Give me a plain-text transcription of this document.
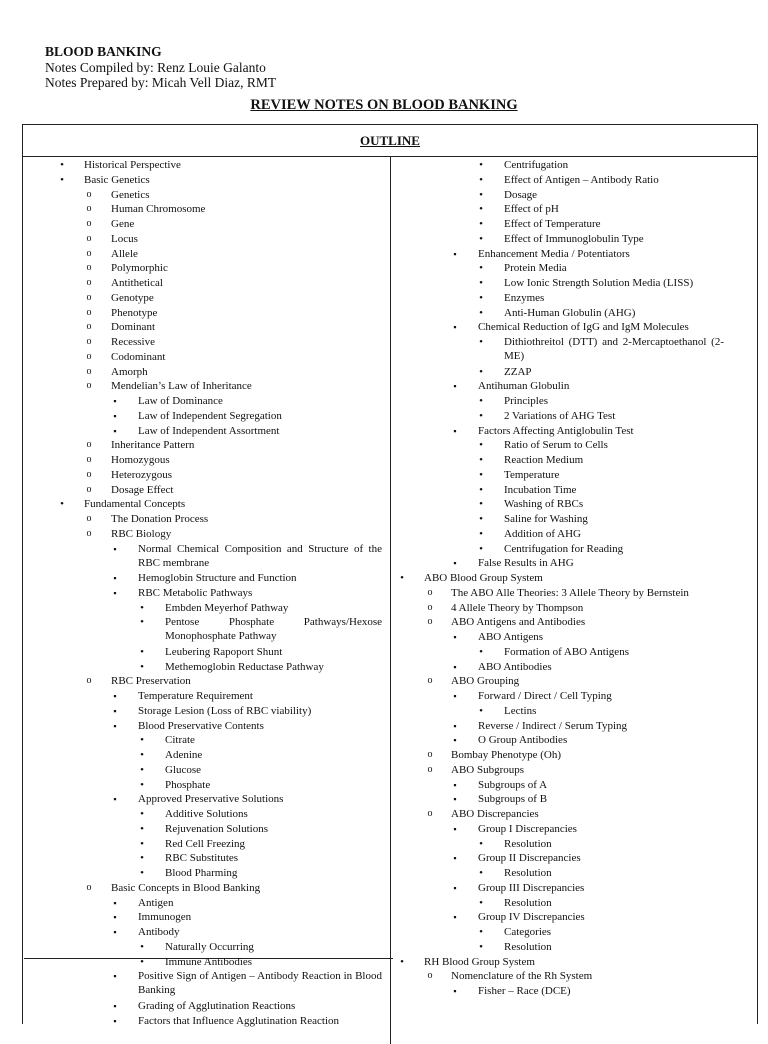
BLOOD BANKING
Notes Compiled by: Renz Louie Galanto
Notes Prepared by: Micah Vell Diaz, RMT
REVIEW NOTES ON BLOOD BANKING
OUTLINE
•	Historical Perspective
•	Basic Genetics
o	Genetics
o	Human Chromosome
o	Gene
o	Locus
o	Allele
o	Polymorphic
o	Antithetical
o	Genotype
o	Phenotype
o	Dominant
o	Recessive
o	Codominant
o	Amorph
o	Mendelian’s Law of Inheritance
▪	Law of Dominance
▪	Law of Independent Segregation
▪	Law of Independent Assortment
o	Inheritance Pattern
o	Homozygous
o	Heterozygous
o	Dosage Effect
•	Fundamental Concepts
o	The Donation Process
o	RBC Biology
▪	Normal Chemical Composition and Structure of the RBC membrane
▪	Hemoglobin Structure and Function
▪	RBC Metabolic Pathways
•	Embden Meyerhof Pathway
•	Pentose Phosphate Pathways/Hexose Monophosphate Pathway
•	Leubering Rapoport Shunt
•	Methemoglobin Reductase Pathway
o	RBC Preservation
▪	Temperature Requirement
▪	Storage Lesion (Loss of RBC viability)
▪	Blood Preservative Contents
•	Citrate
•	Adenine
•	Glucose
•	Phosphate
▪	Approved Preservative Solutions
•	Additive Solutions
•	Rejuvenation Solutions
•	Red Cell Freezing
•	RBC Substitutes
•	Blood Pharming
o	Basic Concepts in Blood Banking
▪	Antigen
▪	Immunogen
▪	Antibody
•	Naturally Occurring
•	Immune Antibodies
▪	Positive Sign of Antigen – Antibody Reaction in Blood Banking
▪	Grading of Agglutination Reactions
▪	Factors that Influence Agglutination Reaction
•	Centrifugation
•	Effect of Antigen – Antibody Ratio
•	Dosage
•	Effect of pH
•	Effect of Temperature
•	Effect of Immunoglobulin Type
▪	Enhancement Media / Potentiators
•	Protein Media
•	Low Ionic Strength Solution Media (LISS)
•	Enzymes
•	Anti-Human Globulin (AHG)
▪	Chemical Reduction of IgG and IgM Molecules
•	Dithiothreitol (DTT) and 2-Mercaptoethanol (2-ME)
•	ZZAP
▪	Antihuman Globulin
•	Principles
•	2 Variations of AHG Test
▪	Factors Affecting Antiglobulin Test
•	Ratio of Serum to Cells
•	Reaction Medium
•	Temperature
•	Incubation Time
•	Washing of RBCs
•	Saline for Washing
•	Addition of AHG
•	Centrifugation for Reading
▪	False Results in AHG
•	ABO Blood Group System
o	The ABO Alle Theories: 3 Allele Theory by Bernstein
o	4 Allele Theory by Thompson
o	ABO Antigens and Antibodies
▪	ABO Antigens
•	Formation of ABO Antigens
▪	ABO Antibodies
o	ABO Grouping
▪	Forward / Direct / Cell Typing
•	Lectins
▪	Reverse / Indirect / Serum Typing
▪	O Group Antibodies
o	Bombay Phenotype (Oh)
o	ABO Subgroups
▪	Subgroups of A
▪	Subgroups of B
o	ABO Discrepancies
▪	Group I Discrepancies
•	Resolution
▪	Group II Discrepancies
•	Resolution
▪	Group III Discrepancies
•	Resolution
▪	Group IV Discrepancies
•	Categories
•	Resolution
•	RH Blood Group System
o	Nomenclature of the Rh System
▪	Fisher – Race (DCE)
